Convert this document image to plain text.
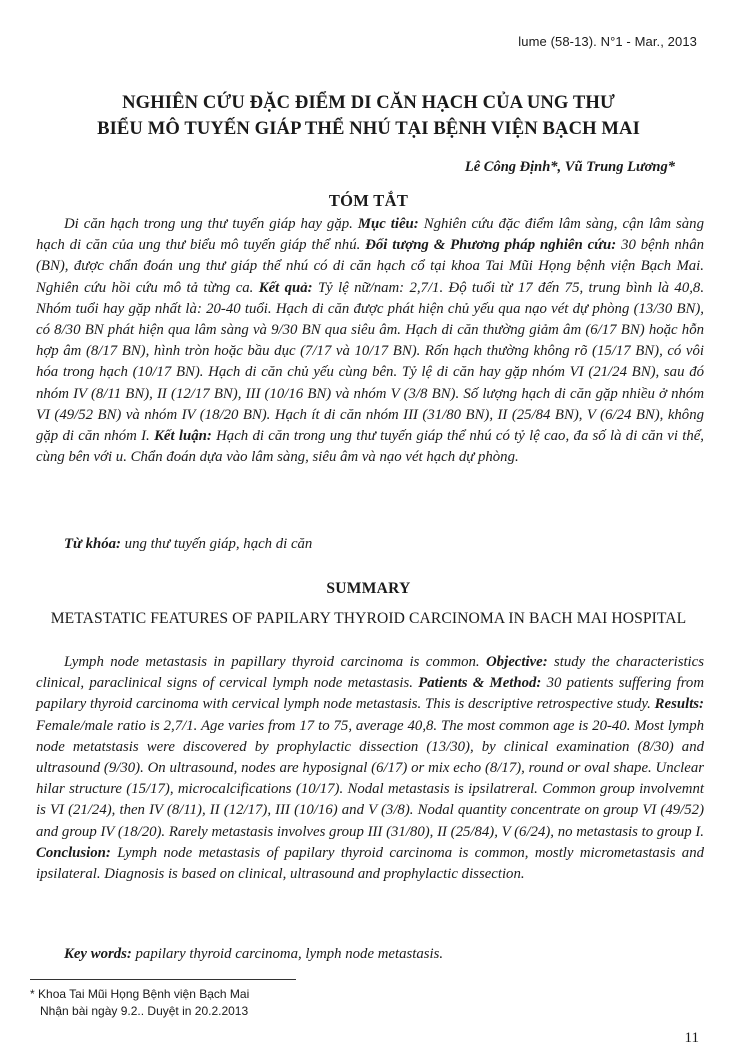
lume (58-13). N°1 - Mar., 2013
NGHIÊN CỨU ĐẶC ĐIỂM DI CĂN HẠCH CỦA UNG THƯ
BIỂU MÔ TUYẾN GIÁP THỂ NHÚ TẠI BỆNH VIỆN BẠCH MAI
Lê Công Định*, Vũ Trung Lương*
TÓM TẮT

Di căn hạch trong ung thư tuyến giáp hay gặp. Mục tiêu: Nghiên cứu đặc điểm lâm sàng, cận lâm sàng hạch di căn của ung thư biểu mô tuyến giáp thể nhú. Đối tượng & Phương pháp nghiên cứu: 30 bệnh nhân (BN), được chẩn đoán ung thư giáp thể nhú có di căn hạch cổ tại khoa Tai Mũi Họng bệnh viện Bạch Mai. Nghiên cứu hồi cứu mô tả từng ca. Kết quả: Tỷ lệ nữ/nam: 2,7/1. Độ tuổi từ 17 đến 75, trung bình là 40,8. Nhóm tuổi hay gặp nhất là: 20-40 tuổi. Hạch di căn được phát hiện chủ yếu qua nạo vét dự phòng (13/30 BN), có 8/30 BN phát hiện qua lâm sàng và 9/30 BN qua siêu âm. Hạch di căn thường giảm âm (6/17 BN) hoặc hỗn hợp âm (8/17 BN), hình tròn hoặc bầu dục (7/17 và 10/17 BN). Rốn hạch thường không rõ (15/17 BN), có vôi hóa trong hạch (10/17 BN). Hạch di căn chủ yếu cùng bên. Tỷ lệ di căn hay gặp nhóm VI (21/24 BN), sau đó nhóm IV (8/11 BN), II (12/17 BN), III (10/16 BN) và nhóm V (3/8 BN). Số lượng hạch di căn gặp nhiều ở nhóm VI (49/52 BN) và nhóm IV (18/20 BN). Hạch ít di căn nhóm III (31/80 BN), II (25/84 BN), V (6/24 BN), không gặp di căn nhóm I. Kết luận: Hạch di căn trong ung thư tuyến giáp thể nhú có tỷ lệ cao, đa số là di căn vi thể, cùng bên với u. Chẩn đoán dựa vào lâm sàng, siêu âm và nạo vét hạch dự phòng.

Từ khóa: ung thư tuyến giáp, hạch di căn
SUMMARY

METASTATIC FEATURES OF PAPILARY THYROID CARCINOMA IN BACH MAI HOSPITAL

Lymph node metastasis in papillary thyroid carcinoma is common. Objective: study the characteristics clinical, paraclinical signs of cervical lymph node metastasis. Patients & Method: 30 patients suffering from papilary thyroid carcinoma with cervical lymph node metastasis. This is descriptive retrospective study. Results: Female/male ratio is 2,7/1. Age varies from 17 to 75, average 40,8. The most common age is 20-40. Most lymph node metatstasis were discovered by prophylactic dissection (13/30), by clinical examination (8/30) and ultrasound (9/30). On ultrasound, nodes are hyposignal (6/17) or mix echo (8/17), round or oval shape. Unclear hilar structure (15/17), microcalcifications (10/17). Nodal metastasis is ipsilatreral. Common group involvemnt is VI (21/24), then IV (8/11), II (12/17), III (10/16) and V (3/8). Nodal quantity concentrate on group VI (49/52) and group IV (18/20). Rarely metastasis involves group III (31/80), II (25/84), V (6/24), no metastasis to group I. Conclusion: Lymph node metastasis of papilary thyroid carcinoma is common, mostly micrometastasis and ipsilateral. Diagnosis is based on clinical, ultrasound and prophylactic dissection.

Key words: papilary thyroid carcinoma, lymph node metastasis.
* Khoa Tai Mũi Họng Bệnh viện Bạch Mai
Nhận bài ngày 9.2.. Duyệt in 20.2.2013
11
